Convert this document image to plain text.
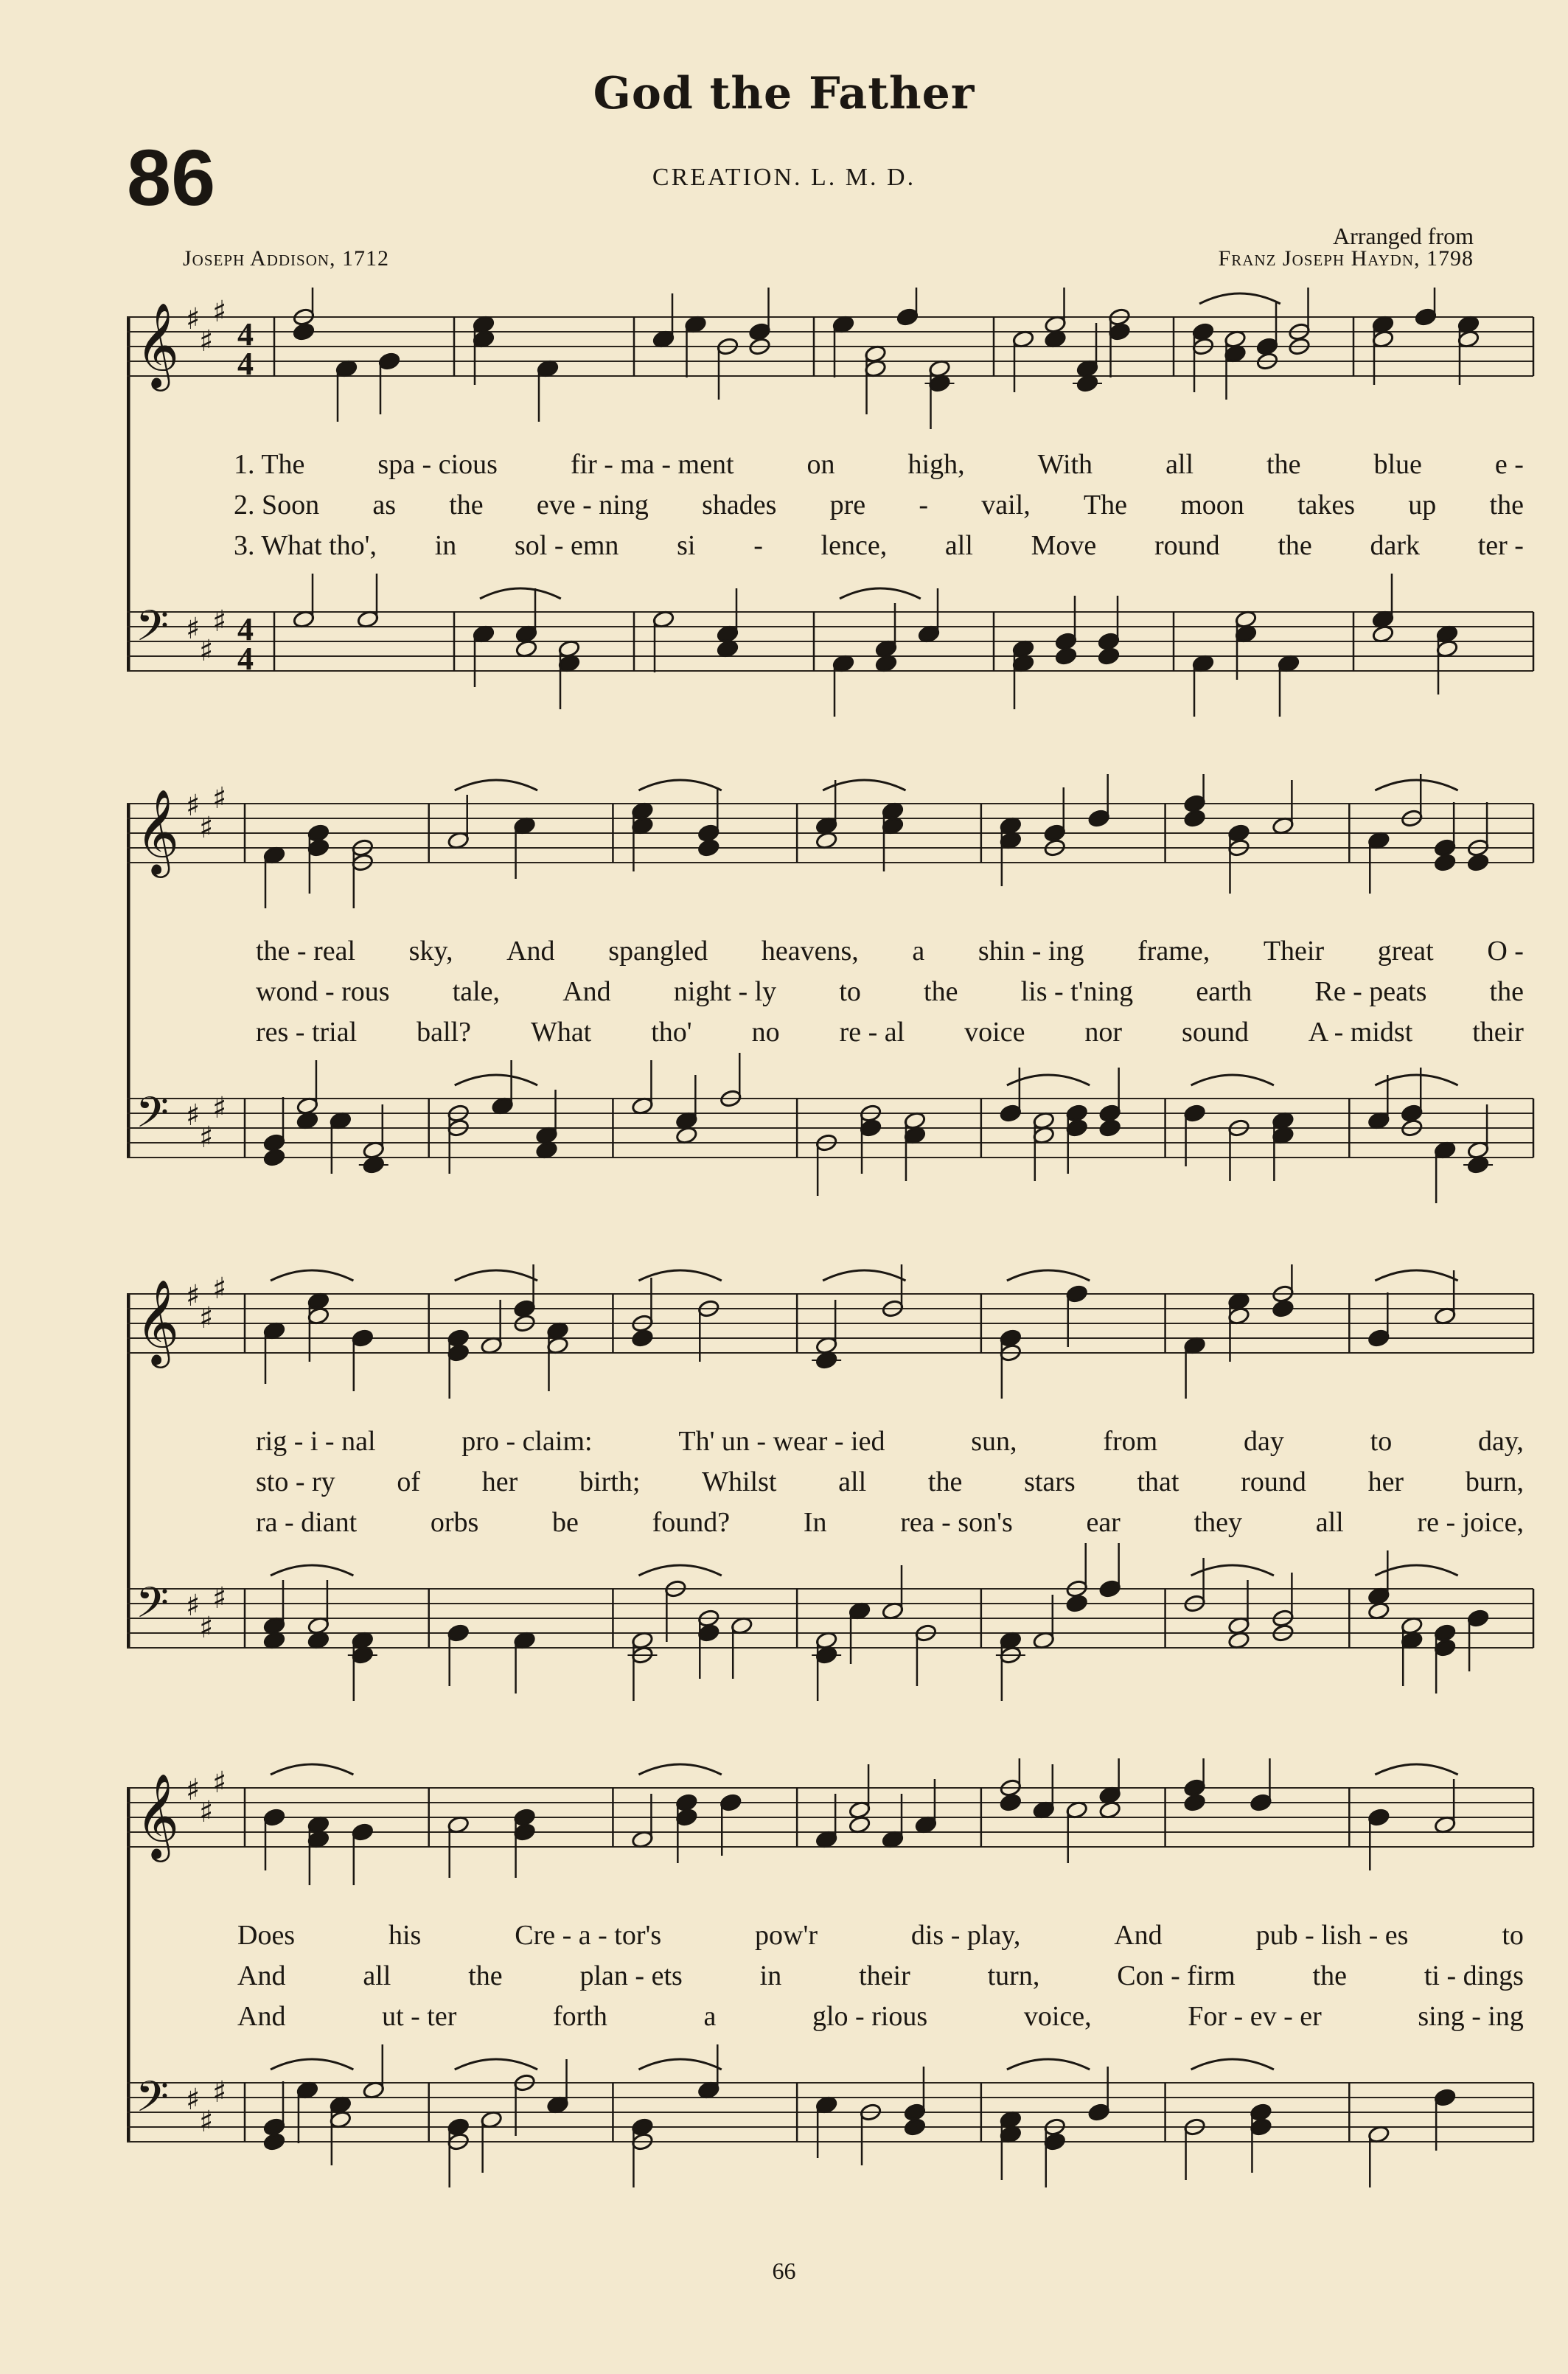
God the Father
86	CREATION. L. M. D.
Joseph Addison, 1712
Arranged from
Franz Joseph Haydn, 1798
𝄞 ♯
♯
♯
4
4
𝄢 ♯
♯
♯ 4
4
1. The	spa - cious	fir - ma - ment	on	high,	With	all	the	blue	e -
2. Soon as the eve - ning shades pre - vail, The moon takes up the
3. What tho', in sol - emn si - lence, all Move round the dark ter -
𝄞 ♯
♯
♯
𝄢 ♯
♯
♯
the - real sky, And spangled heavens, a shin - ing frame, Their great O -
wond - rous tale, And night - ly to the lis - t'ning earth Re - peats the
res - trial ball? What tho' no re - al voice nor sound A - midst their
𝄞 ♯
♯
♯
𝄢 ♯
♯
♯
rig - i - nal	pro - claim:	Th' un - wear - ied	sun,	from	day	to	day,
sto - ry of her birth; Whilst all the stars that round her burn,
ra - diant	orbs	be	found?	In	rea - son's	ear	they	all	re - joice,
𝄞 ♯
♯
♯
𝄢 ♯
♯
♯
Does	his	Cre - a - tor's	pow'r	dis - play,	And	pub - lish - es	to
And	all	the	plan - ets	in	their	turn,	Con - firm	the	ti - dings
And	ut - ter	forth	a	glo - rious	voice,	For - ev - er	sing - ing
66
